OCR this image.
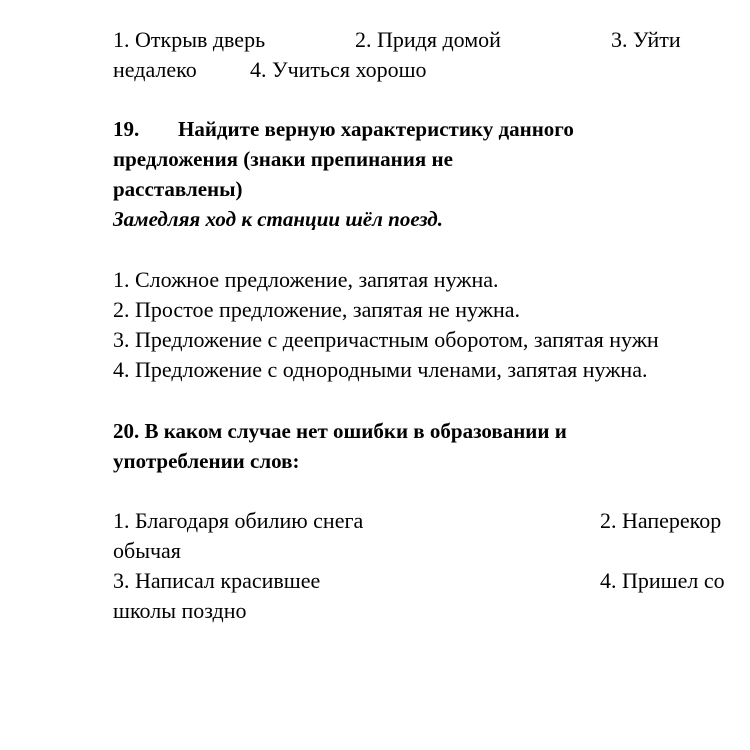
1. Открыв дверь	2. Придя домой	3. Уйти
недалеко 4. Учиться хорошо
19. Найдите верную характеристику данного
предложения (знаки препинания не
расставлены)
Замедляя ход к станции шёл поезд.
1. Сложное предложение, запятая нужна.
2. Простое предложение, запятая не нужна.
3. Предложение с деепричастным оборотом, запятая нужн
4. Предложение с однородными членами, запятая нужна.
20. В каком случае нет ошибки в образовании и
употреблении слов:
1. Благодаря обилию снега	2. Наперекор
обычая
3. Написал красившее	4. Пришел со
школы поздно
